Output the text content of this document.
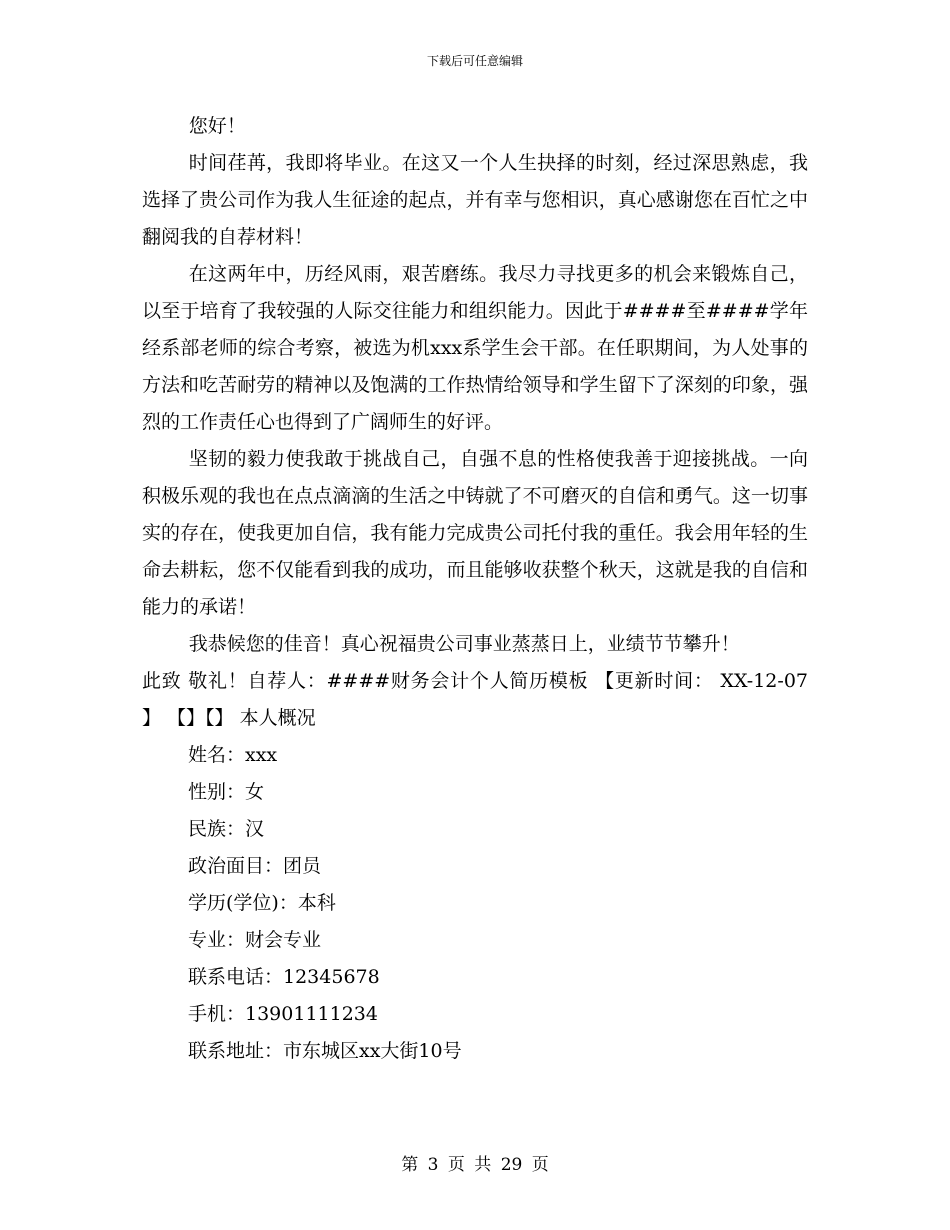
下载后可任意编辑

您好！

时间荏苒，我即将毕业。在这又一个人生抉择的时刻，经过深思熟虑，我选择了贵公司作为我人生征途的起点，并有幸与您相识，真心感谢您在百忙之中翻阅我的自荐材料！

在这两年中，历经风雨，艰苦磨练。我尽力寻找更多的机会来锻炼自己，以至于培育了我较强的人际交往能力和组织能力。因此于####至####学年经系部老师的综合考察，被选为机xxx系学生会干部。在任职期间，为人处事的方法和吃苦耐劳的精神以及饱满的工作热情给领导和学生留下了深刻的印象，强烈的工作责任心也得到了广阔师生的好评。

坚韧的毅力使我敢于挑战自己，自强不息的性格使我善于迎接挑战。一向积极乐观的我也在点点滴滴的生活之中铸就了不可磨灭的自信和勇气。这一切事实的存在，使我更加自信，我有能力完成贵公司托付我的重任。我会用年轻的生命去耕耘，您不仅能看到我的成功，而且能够收获整个秋天，这就是我的自信和能力的承诺！

我恭候您的佳音！真心祝福贵公司事业蒸蒸日上，业绩节节攀升！

此致 敬礼！自荐人：####财务会计个人简历模板 【更新时间： XX-12-07 】 【】【】 本人概况

姓名：xxx
性别：女
民族：汉
政治面目：团员
学历(学位)：本科
专业：财会专业
联系电话：12345678
手机：13901111234
联系地址：市东城区xx大街10号
第 3 页 共 29 页
